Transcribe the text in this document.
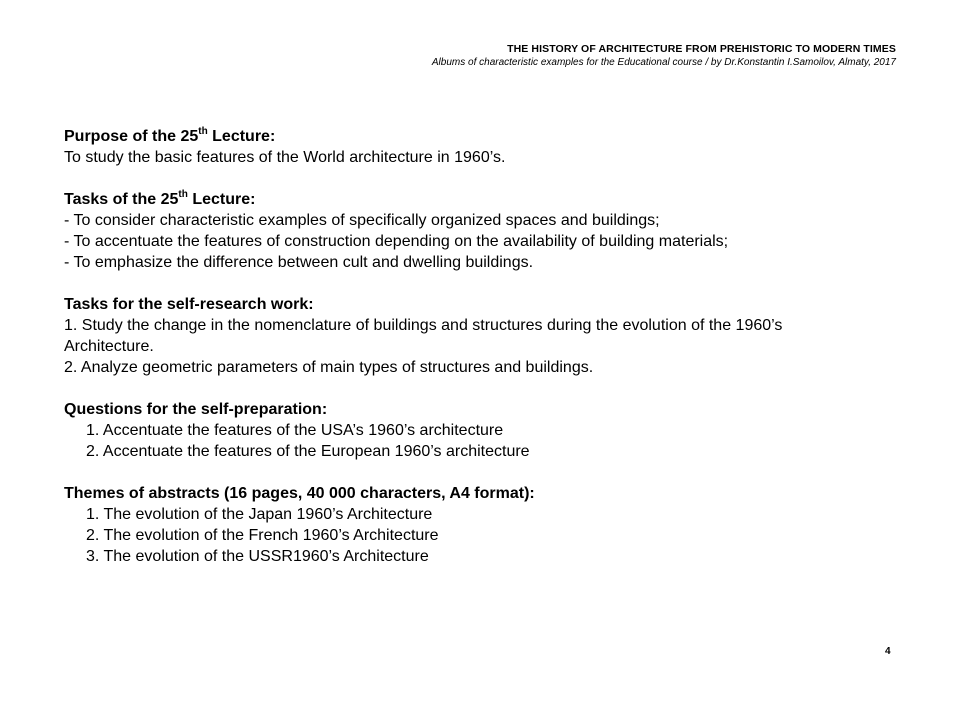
THE HISTORY OF ARCHITECTURE FROM PREHISTORIC TO MODERN TIMES
Albums of characteristic examples for the Educational course / by Dr.Konstantin I.Samoilov, Almaty, 2017
Purpose of the 25th Lecture:
To study the basic features of the World architecture in 1960’s.
Tasks of the 25th Lecture:
- To consider characteristic examples of specifically organized spaces and buildings;
- To accentuate the features of construction depending on the availability of building materials;
- To emphasize the difference between cult and dwelling buildings.
Tasks for the self-research work:
1. Study the change in the nomenclature of buildings and structures during the evolution of the 1960’s
Architecture.
2. Analyze geometric parameters of main types of structures and buildings.
Questions for the self-preparation:
1. Accentuate the features of the USA’s 1960’s architecture
2. Accentuate the features of the European 1960’s architecture
Themes of abstracts (16 pages, 40 000 characters, A4 format):
1. The evolution of the Japan 1960’s Architecture
2. The evolution of the French 1960’s Architecture
3. The evolution of the USSR1960’s Architecture
4
